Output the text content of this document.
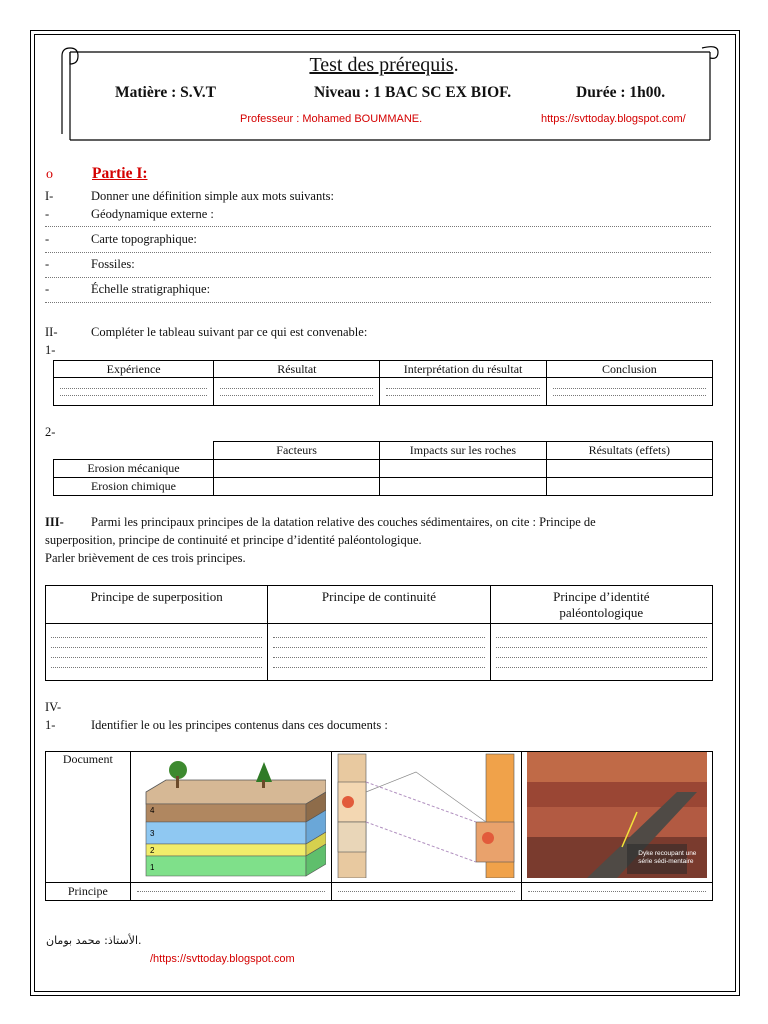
Test des prérequis.
Matière : S.V.T	Niveau : 1 BAC SC EX BIOF.	Durée : 1h00.
Professeur : Mohamed BOUMMANE.	https://svttoday.blogspot.com/
o	Partie I:
I-	Donner une définition simple aux mots suivants:
-	Géodynamique externe :
-	Carte topographique:
-	Fossiles:
-	Échelle stratigraphique:
II-	Compléter le tableau suivant par ce qui est convenable:
1-
Expérience	Résultat	Interprétation du résultat	Conclusion

2-
	Facteurs	Impacts sur les roches	Résultats (effets)
Erosion mécanique			
Erosion chimique			
III- Parmi les principaux principes de la datation relative des couches sédimentaires, on cite : Principe de
superposition, principe de continuité et principe d’identité paléontologique.
Parler brièvement de ces trois principes.
Principe de superposition	Principe de continuité	Principe d’identité
paléontologique

IV-
1-	Identifier le ou les principes contenus dans ces documents :
Document	4
3
2
1		Dyke recoupant une série sédi-mentaire

Principe	

الأستاذ: محمد بومان.
/https://svttoday.blogspot.com
